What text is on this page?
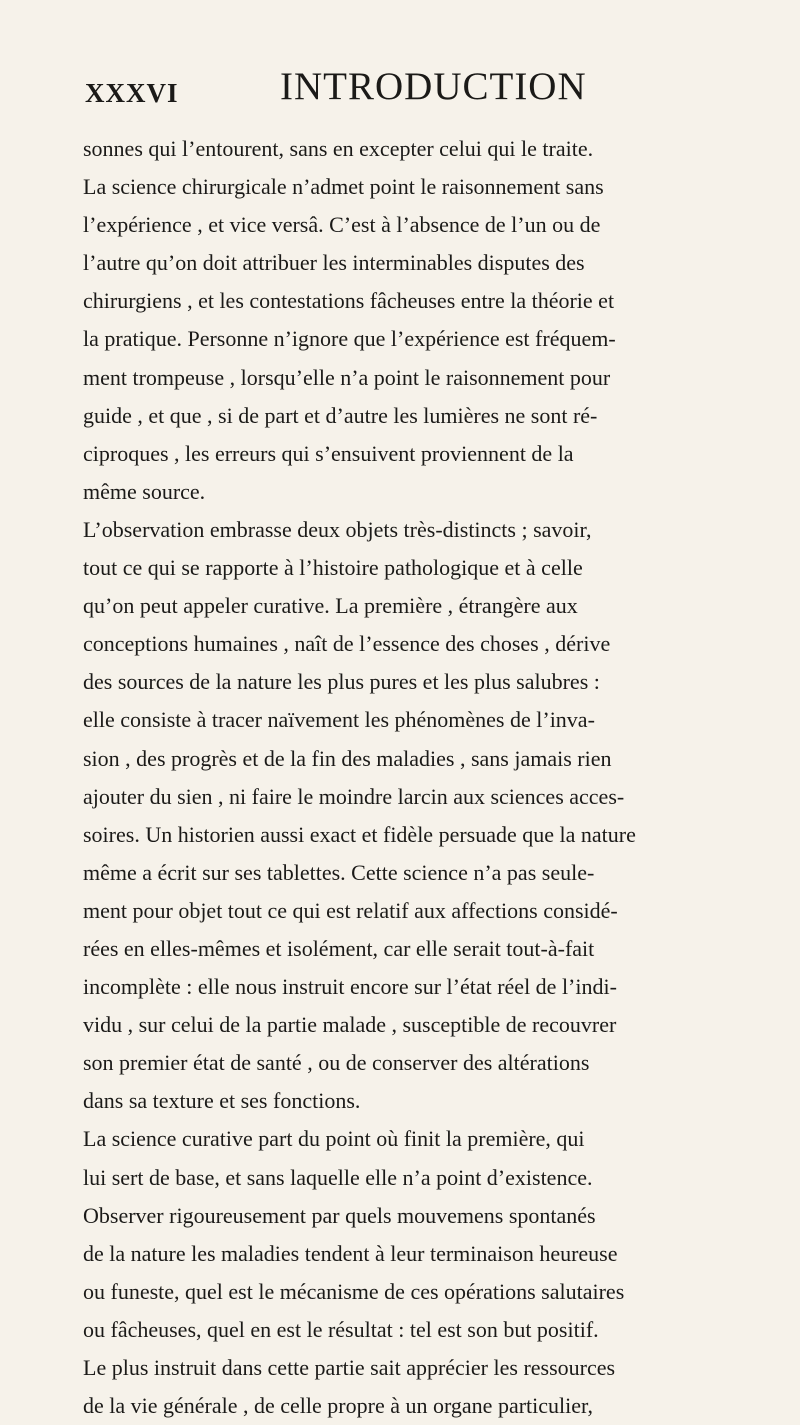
XXXVI	INTRODUCTION

sonnes qui l’entourent, sans en excepter celui qui le traite.
La science chirurgicale n’admet point le raisonnement sans
l’expérience , et vice versâ. C’est à l’absence de l’un ou de
l’autre qu’on doit attribuer les interminables disputes des
chirurgiens , et les contestations fâcheuses entre la théorie et
la pratique. Personne n’ignore que l’expérience est fréquem-
ment trompeuse , lorsqu’elle n’a point le raisonnement pour
guide , et que , si de part et d’autre les lumières ne sont ré-
ciproques , les erreurs qui s’ensuivent proviennent de la
même source.

L’observation embrasse deux objets très-distincts ; savoir,
tout ce qui se rapporte à l’histoire pathologique et à celle
qu’on peut appeler curative. La première , étrangère aux
conceptions humaines , naît de l’essence des choses , dérive
des sources de la nature les plus pures et les plus salubres :
elle consiste à tracer naïvement les phénomènes de l’inva-
sion , des progrès et de la fin des maladies , sans jamais rien
ajouter du sien , ni faire le moindre larcin aux sciences acces-
soires. Un historien aussi exact et fidèle persuade que la nature
même a écrit sur ses tablettes. Cette science n’a pas seule-
ment pour objet tout ce qui est relatif aux affections considé-
rées en elles-mêmes et isolément, car elle serait tout-à-fait
incomplète : elle nous instruit encore sur l’état réel de l’indi-
vidu , sur celui de la partie malade , susceptible de recouvrer
son premier état de santé , ou de conserver des altérations
dans sa texture et ses fonctions.

La science curative part du point où finit la première, qui
lui sert de base, et sans laquelle elle n’a point d’existence.
Observer rigoureusement par quels mouvemens spontanés
de la nature les maladies tendent à leur terminaison heureuse
ou funeste, quel est le mécanisme de ces opérations salutaires
ou fâcheuses, quel en est le résultat : tel est son but positif.
Le plus instruit dans cette partie sait apprécier les ressources
de la vie générale , de celle propre à un organe particulier,
